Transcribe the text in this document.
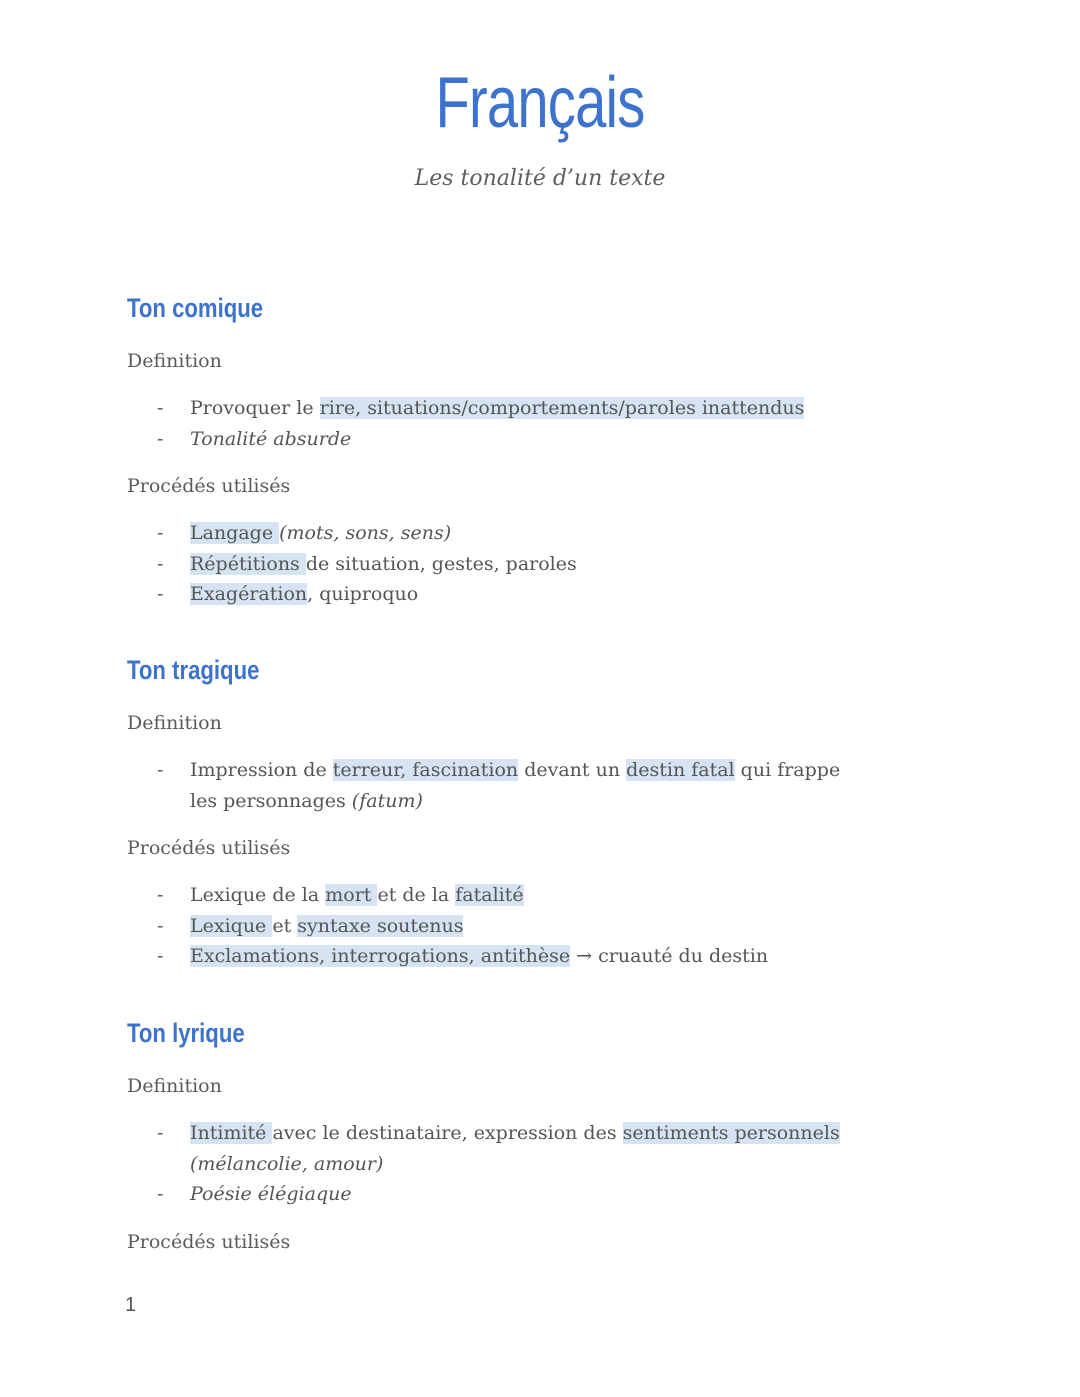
Français
Les tonalité d’un texte
Ton comique
Definition
- Provoquer le rire, situations/comportements/paroles inattendus
- Tonalité absurde
Procédés utilisés
- Langage (mots, sons, sens)
- Répétitions de situation, gestes, paroles
- Exagération, quiproquo
Ton tragique
Definition
- Impression de terreur, fascination devant un destin fatal qui frappe les personnages (fatum)
Procédés utilisés
- Lexique de la mort et de la fatalité
- Lexique et syntaxe soutenus
- Exclamations, interrogations, antithèse → cruauté du destin
Ton lyrique
Definition
- Intimité avec le destinataire, expression des sentiments personnels (mélancolie, amour)
- Poésie élégiaque
Procédés utilisés
1
